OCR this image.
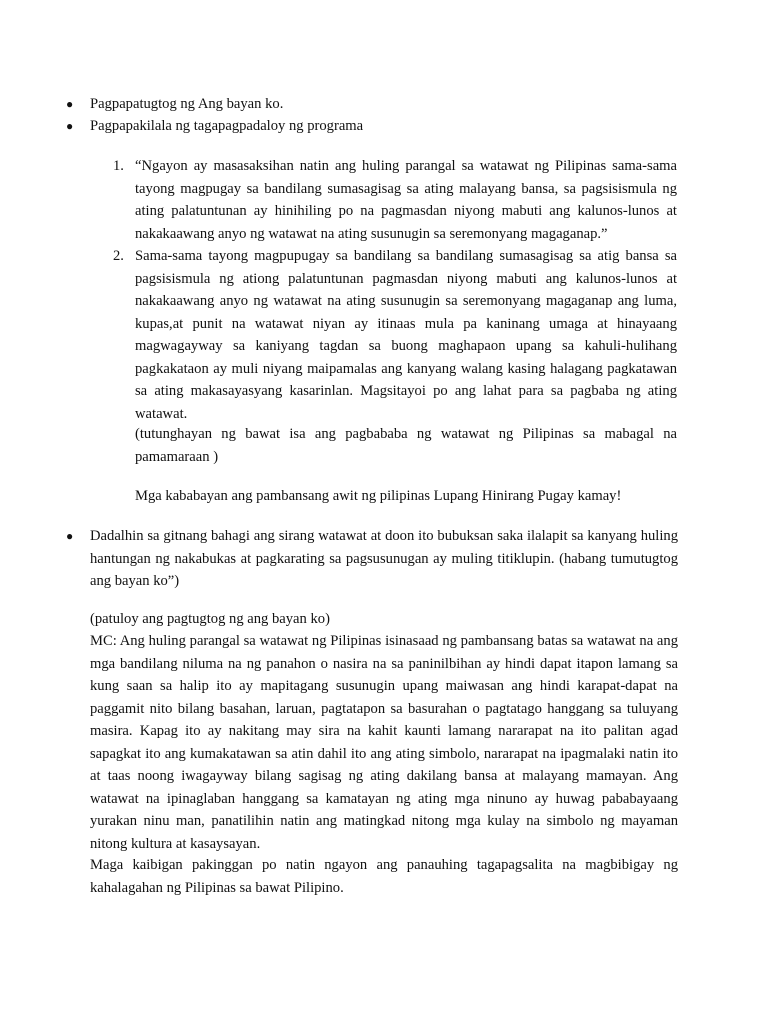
●	Pagpapatugtog ng Ang bayan ko.
●	Pagpapakilala ng tagapagpadaloy ng programa
1. “Ngayon ay masasaksihan natin ang huling parangal sa watawat ng Pilipinas sama-sama tayong magpugay sa bandilang sumasagisag sa ating malayang bansa, sa pagsisismula ng ating palatuntunan ay hinihiling po na pagmasdan niyong mabuti ang kalunos-lunos at nakakaawang anyo ng watawat na ating susunugin sa seremonyang magaganap.”
2. Sama-sama tayong magpupugay sa bandilang sa bandilang sumasagisag sa atig bansa sa pagsisismula ng ationg palatuntunan pagmasdan niyong mabuti ang kalunos-lunos at nakakaawang anyo ng watawat na ating susunugin sa seremonyang magaganap ang luma, kupas,at punit na watawat niyan ay itinaas mula pa kaninang umaga at hinayaang magwagayway sa kaniyang tagdan sa buong maghapaon upang sa kahuli-hulihang pagkakataon ay muli niyang maipamalas ang kanyang walang kasing halagang pagkatawan sa ating makasayasyang kasarinlan. Magsitayoi po ang lahat para sa pagbaba ng ating watawat.
(tutunghayan ng bawat isa ang pagbababa ng watawat ng Pilipinas sa mabagal na pamamaraan )
Mga kababayan ang pambansang awit ng pilipinas Lupang Hinirang Pugay kamay!
●	Dadalhin sa gitnang bahagi ang sirang watawat at doon ito bubuksan saka ilalapit sa kanyang huling hantungan ng nakabukas at pagkarating sa pagsusunugan ay muling titiklupin. (habang tumutugtog ang bayan ko”)
(patuloy ang pagtugtog ng ang bayan ko)
MC: Ang huling parangal sa watawat ng Pilipinas isinasaad ng pambansang batas sa watawat na ang mga bandilang niluma na ng panahon o nasira na sa paninilbihan ay hindi dapat itapon lamang sa kung saan sa halip ito ay mapitagang susunugin upang maiwasan ang hindi karapat-dapat na paggamit nito bilang basahan, laruan, pagtatapon sa basurahan o pagtatago hanggang sa tuluyang masira. Kapag ito ay nakitang may sira na kahit kaunti lamang nararapat na ito palitan agad sapagkat ito ang kumakatawan sa atin dahil ito ang ating simbolo, nararapat na ipagmalaki natin ito at taas noong iwagayway bilang sagisag ng ating dakilang bansa at malayang mamayan. Ang watawat na ipinaglaban hanggang sa kamatayan ng ating mga ninuno ay huwag pababayaang yurakan ninu man, panatilihin natin ang matingkad nitong mga kulay na simbolo ng mayaman nitong kultura at kasaysayan.
Maga kaibigan pakinggan po natin ngayon ang panauhing tagapagsalita na magbibigay ng kahalagahan ng Pilipinas sa bawat Pilipino.
